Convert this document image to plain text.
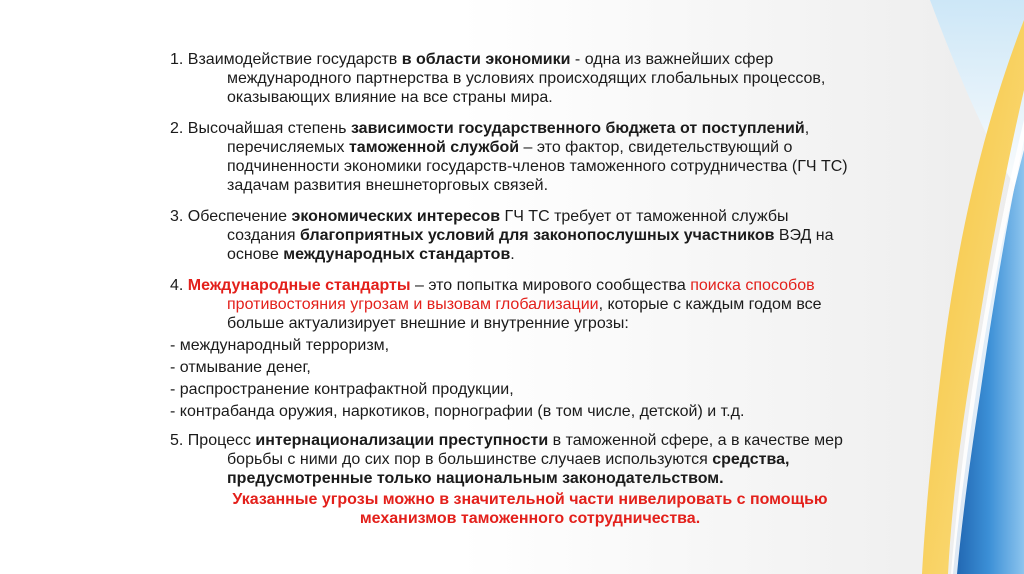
1. Взаимодействие государств в области экономики - одна из важнейших сфер международного партнерства в условиях происходящих глобальных процессов, оказывающих влияние на все страны мира.

2. Высочайшая степень зависимости государственного бюджета от поступлений, перечисляемых таможенной службой – это фактор, свидетельствующий о подчиненности экономики государств-членов таможенного сотрудничества (ГЧ ТС) задачам развития внешнеторговых связей.

3. Обеспечение экономических интересов ГЧ ТС требует от таможенной службы создания благоприятных условий для законопослушных участников ВЭД на основе международных стандартов.

4. Международные стандарты – это попытка мирового сообщества поиска способов противостояния угрозам и вызовам глобализации, которые с каждым годом все больше актуализирует внешние и внутренние угрозы:

- международный терроризм,

- отмывание денег,

- распространение контрафактной продукции,

- контрабанда оружия, наркотиков, порнографии (в том числе, детской) и т.д.

5. Процесс интернационализации преступности в таможенной сфере, а в качестве мер борьбы с ними до сих пор в большинстве случаев используются средства, предусмотренные только национальным законодательством.

Указанные угрозы можно в значительной части нивелировать с помощью механизмов таможенного сотрудничества.
